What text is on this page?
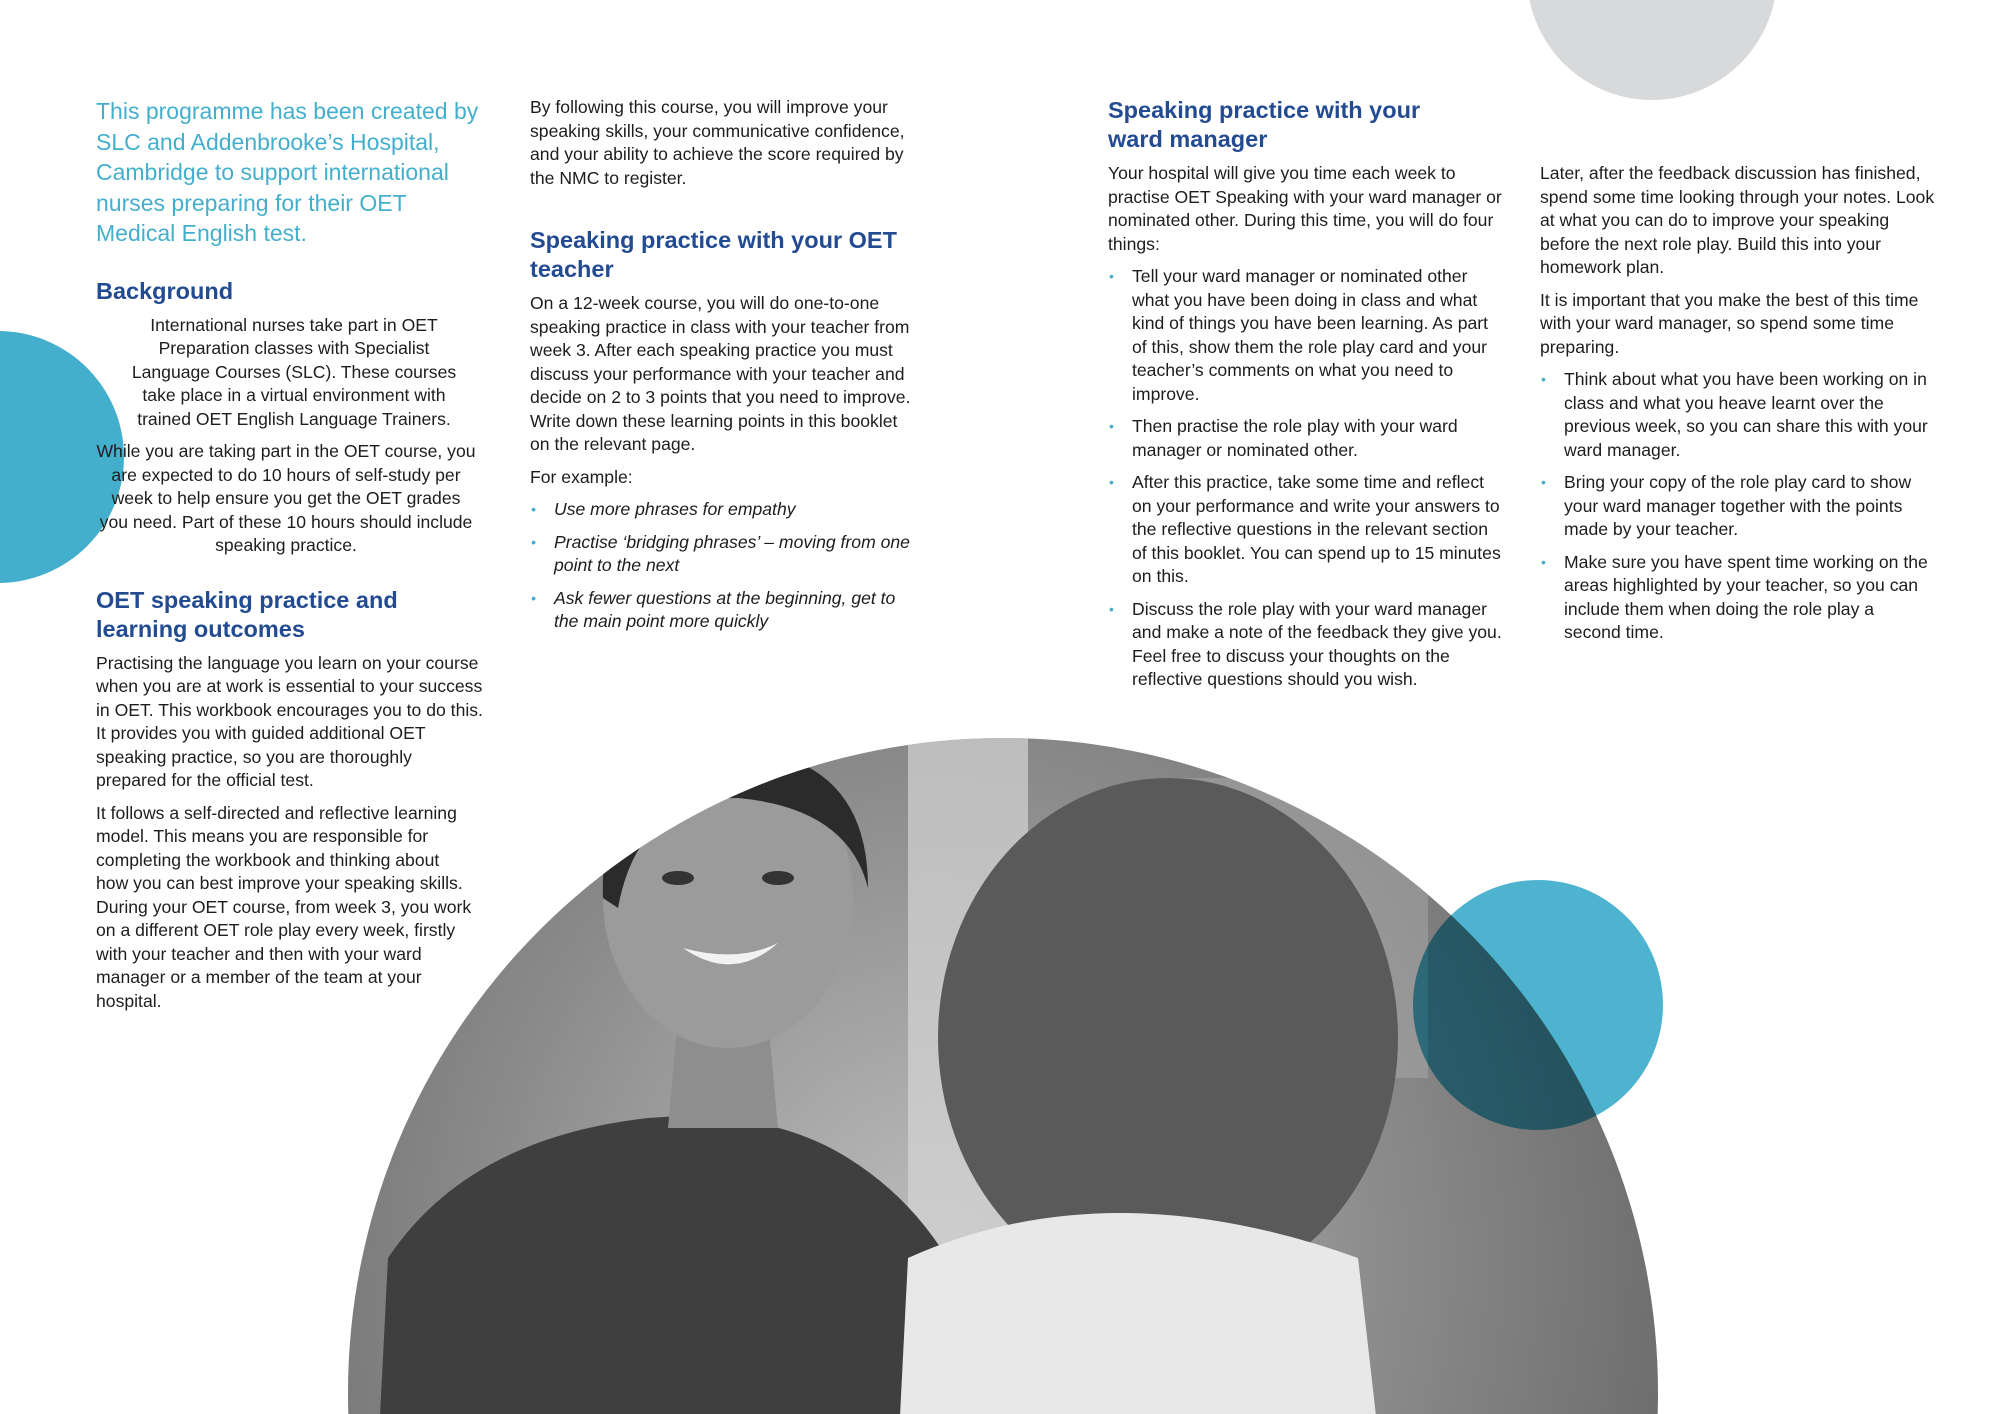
This programme has been created by SLC and Addenbrooke’s Hospital, Cambridge to support international nurses preparing for their OET Medical English test.

Background

International nurses take part in OET Preparation classes with Specialist Language Courses (SLC). These courses take place in a virtual environment with trained OET English Language Trainers.

While you are taking part in the OET course, you are expected to do 10 hours of self-study per week to help ensure you get the OET grades you need. Part of these 10 hours should include speaking practice.

OET speaking practice and learning outcomes

Practising the language you learn on your course when you are at work is essential to your success in OET. This workbook encourages you to do this. It provides you with guided additional OET speaking practice, so you are thoroughly prepared for the official test.

It follows a self-directed and reflective learning model. This means you are responsible for completing the workbook and thinking about how you can best improve your speaking skills. During your OET course, from week 3, you work on a different OET role play every week, firstly with your teacher and then with your ward manager or a member of the team at your hospital.

By following this course, you will improve your speaking skills, your communicative confidence, and your ability to achieve the score required by the NMC to register.

Speaking practice with your OET teacher

On a 12-week course, you will do one-to-one speaking practice in class with your teacher from week 3. After each speaking practice you must discuss your performance with your teacher and decide on 2 to 3 points that you need to improve. Write down these learning points in this booklet on the relevant page.

For example:

• Use more phrases for empathy
• Practise ‘bridging phrases’ – moving from one point to the next
• Ask fewer questions at the beginning, get to the main point more quickly
Speaking practice with your ward manager

Your hospital will give you time each week to practise OET Speaking with your ward manager or nominated other. During this time, you will do four things:

• Tell your ward manager or nominated other what you have been doing in class and what kind of things you have been learning. As part of this, show them the role play card and your teacher’s comments on what you need to improve.
• Then practise the role play with your ward manager or nominated other.
• After this practice, take some time and reflect on your performance and write your answers to the reflective questions in the relevant section of this booklet. You can spend up to 15 minutes on this.
• Discuss the role play with your ward manager and make a note of the feedback they give you. Feel free to discuss your thoughts on the reflective questions should you wish.

Later, after the feedback discussion has finished, spend some time looking through your notes. Look at what you can do to improve your speaking before the next role play. Build this into your homework plan.

It is important that you make the best of this time with your ward manager, so spend some time preparing.

• Think about what you have been working on in class and what you heave learnt over the previous week, so you can share this with your ward manager.
• Bring your copy of the role play card to show your ward manager together with the points made by your teacher.
• Make sure you have spent time working on the areas highlighted by your teacher, so you can include them when doing the role play a second time.
